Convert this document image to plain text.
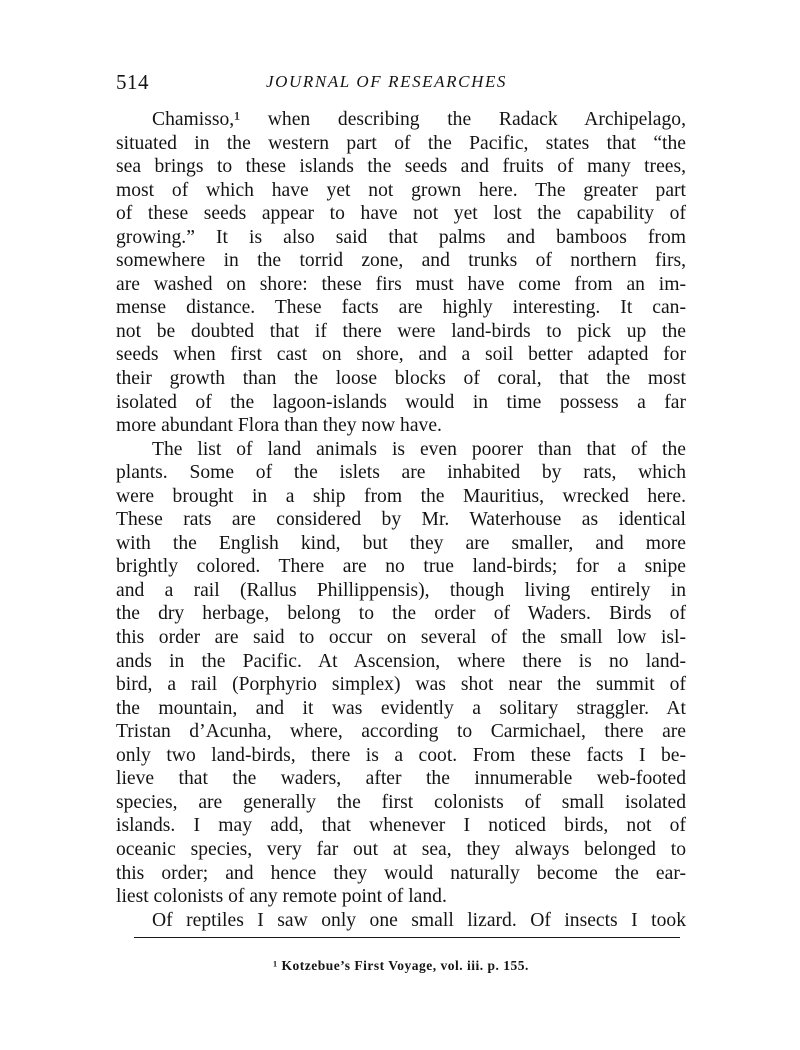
514	JOURNAL OF RESEARCHES
Chamisso,¹ when describing the Radack Archipelago,
situated in the western part of the Pacific, states that “the
sea brings to these islands the seeds and fruits of many trees,
most of which have yet not grown here. The greater part
of these seeds appear to have not yet lost the capability of
growing.” It is also said that palms and bamboos from
somewhere in the torrid zone, and trunks of northern firs,
are washed on shore: these firs must have come from an im-
mense distance. These facts are highly interesting. It can-
not be doubted that if there were land-birds to pick up the
seeds when first cast on shore, and a soil better adapted for
their growth than the loose blocks of coral, that the most
isolated of the lagoon-islands would in time possess a far
more abundant Flora than they now have.
The list of land animals is even poorer than that of the
plants. Some of the islets are inhabited by rats, which
were brought in a ship from the Mauritius, wrecked here.
These rats are considered by Mr. Waterhouse as identical
with the English kind, but they are smaller, and more
brightly colored. There are no true land-birds; for a snipe
and a rail (Rallus Phillippensis), though living entirely in
the dry herbage, belong to the order of Waders. Birds of
this order are said to occur on several of the small low isl-
ands in the Pacific. At Ascension, where there is no land-
bird, a rail (Porphyrio simplex) was shot near the summit of
the mountain, and it was evidently a solitary straggler. At
Tristan d’Acunha, where, according to Carmichael, there are
only two land-birds, there is a coot. From these facts I be-
lieve that the waders, after the innumerable web-footed
species, are generally the first colonists of small isolated
islands. I may add, that whenever I noticed birds, not of
oceanic species, very far out at sea, they always belonged to
this order; and hence they would naturally become the ear-
liest colonists of any remote point of land.
Of reptiles I saw only one small lizard. Of insects I took
¹ Kotzebue’s First Voyage, vol. iii. p. 155.
